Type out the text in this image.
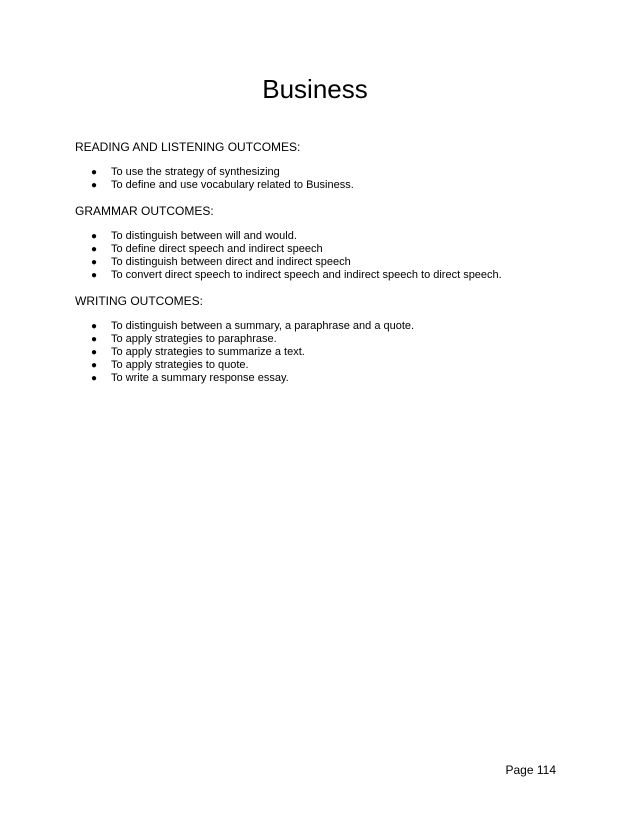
Business
READING AND LISTENING OUTCOMES:
● To use the strategy of synthesizing
● To define and use vocabulary related to Business.
GRAMMAR OUTCOMES:
● To distinguish between will and would.
● To define direct speech and indirect speech
● To distinguish between direct and indirect speech
● To convert direct speech to indirect speech and indirect speech to direct speech.
WRITING OUTCOMES:
● To distinguish between a summary, a paraphrase and a quote.
● To apply strategies to paraphrase.
● To apply strategies to summarize a text.
● To apply strategies to quote.
● To write a summary response essay.
Page 114
